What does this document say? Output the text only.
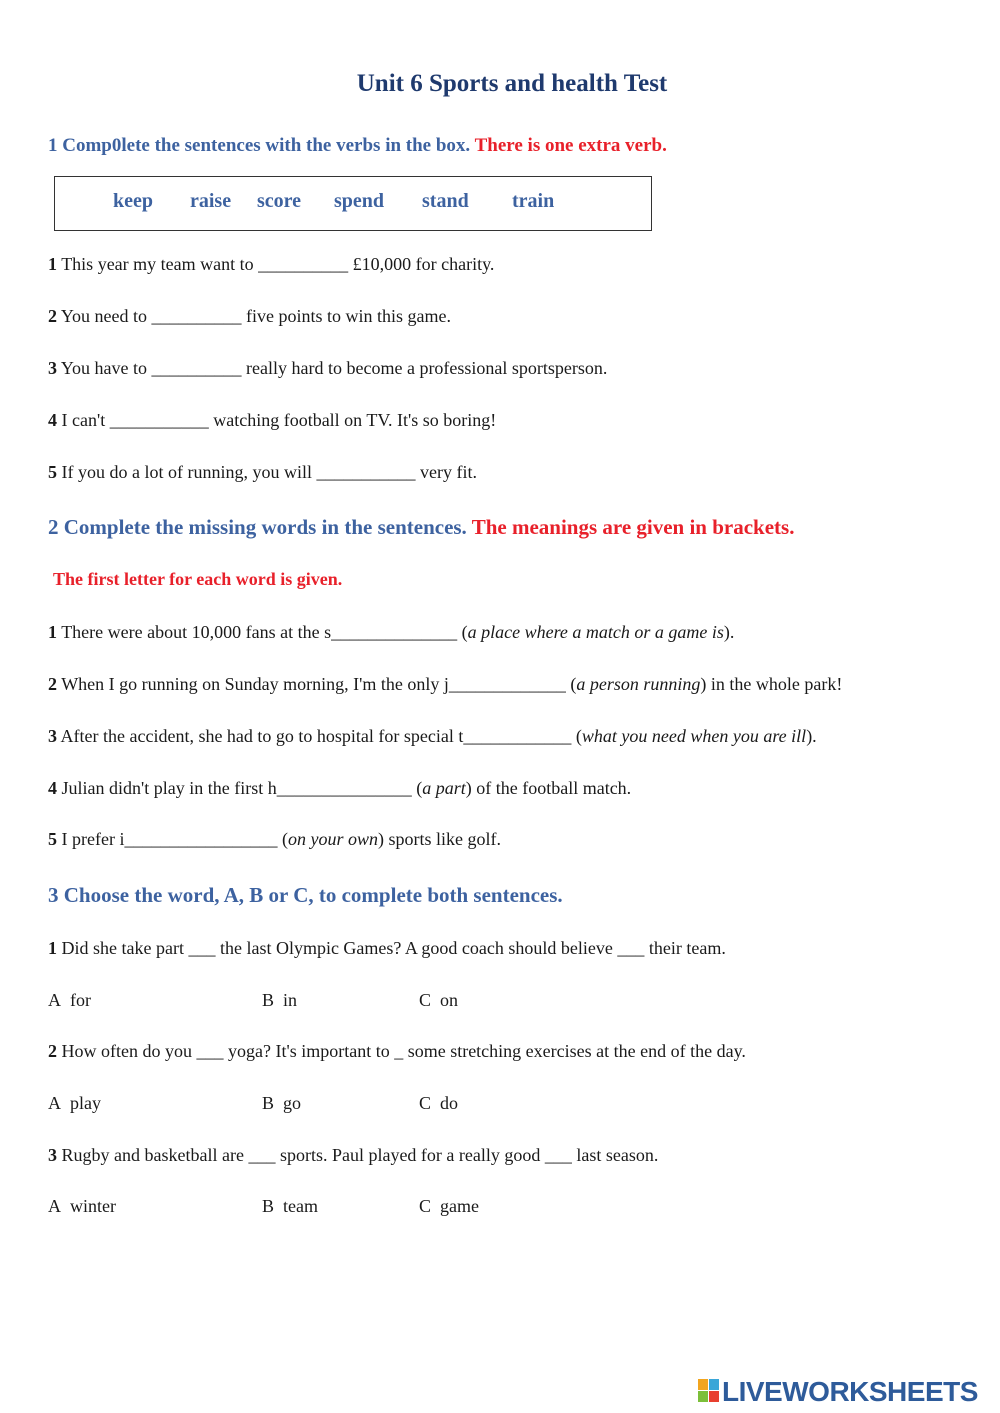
Unit 6 Sports and health Test
1 Comp0lete the sentences with the verbs in the box. There is one extra verb.
keep raise score spend stand train
1 This year my team want to __________ £10,000 for charity.
2 You need to __________ five points to win this game.
3 You have to __________ really hard to become a professional sportsperson.
4 I can't ___________ watching football on TV. It's so boring!
5 If you do a lot of running, you will ___________ very fit.
2 Complete the missing words in the sentences. The meanings are given in brackets.
The first letter for each word is given.
1 There were about 10,000 fans at the s______________ (a place where a match or a game is).
2 When I go running on Sunday morning, I'm the only j_____________ (a person running) in the whole park!
3 After the accident, she had to go to hospital for special t____________ (what you need when you are ill).
4 Julian didn't play in the first h_______________ (a part) of the football match.
5 I prefer i_________________ (on your own) sports like golf.
3 Choose the word, A, B or C, to complete both sentences.
1 Did she take part ___ the last Olympic Games? A good coach should believe ___ their team.
A for	B in	C on
2 How often do you ___ yoga? It's important to _ some stretching exercises at the end of the day.
A play	B go	C do
3 Rugby and basketball are ___ sports. Paul played for a really good ___ last season.
A winter	B team	C game
LIVEWORKSHEETS
